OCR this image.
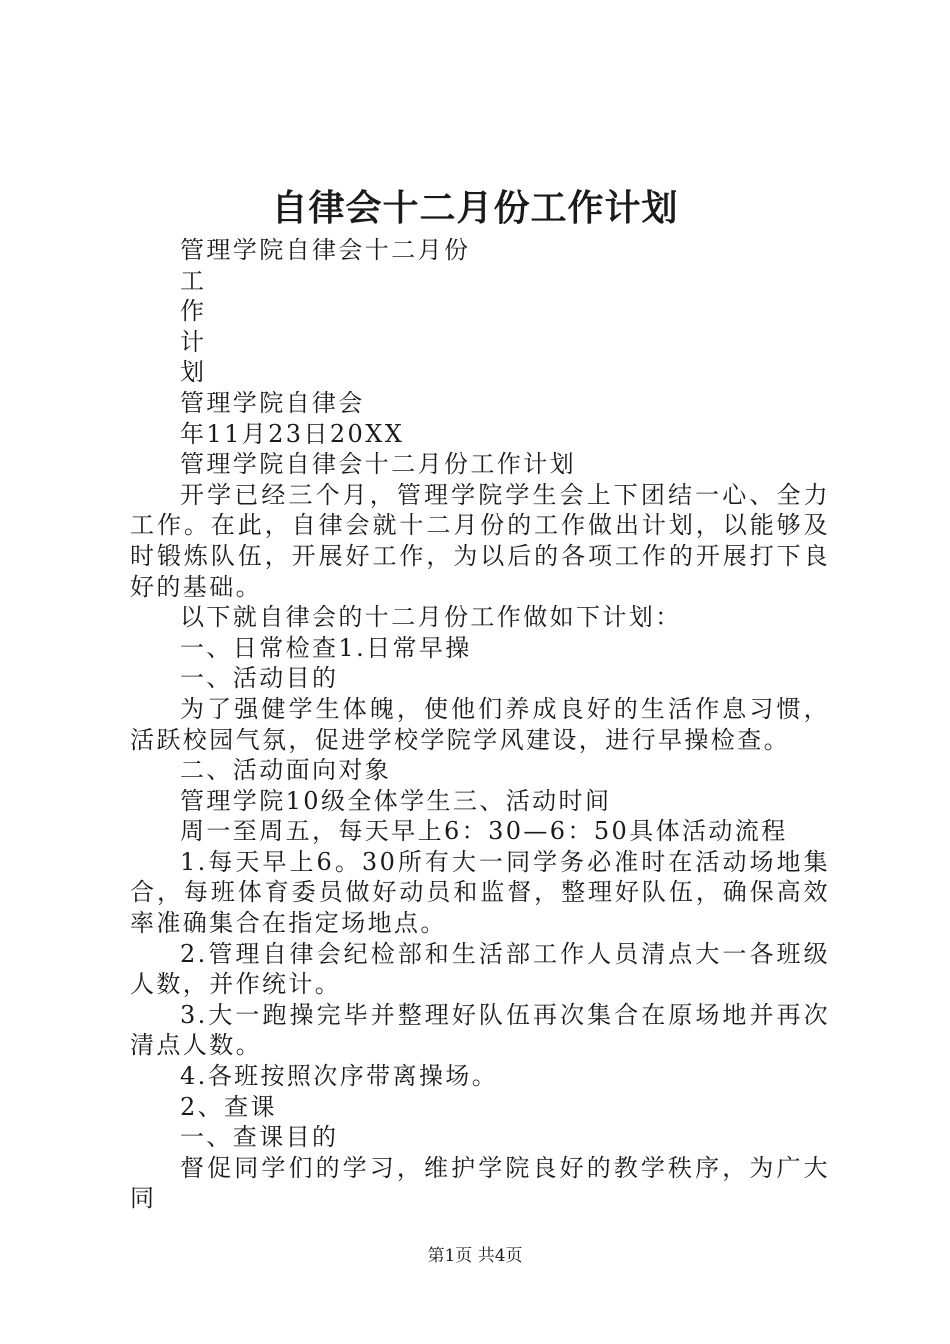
自律会十二月份工作计划

管理学院自律会十二月份

工

作

计

划

管理学院自律会

年11月23日20XX

管理学院自律会十二月份工作计划

开学已经三个月，管理学院学生会上下团结一心、全力工作。在此，自律会就十二月份的工作做出计划，以能够及时锻炼队伍，开展好工作，为以后的各项工作的开展打下良好的基础。

以下就自律会的十二月份工作做如下计划：

一、日常检查1.日常早操

一、活动目的

为了强健学生体魄，使他们养成良好的生活作息习惯，活跃校园气氛，促进学校学院学风建设，进行早操检查。

二、活动面向对象

管理学院10级全体学生三、活动时间

周一至周五，每天早上6：30—6：50具体活动流程

1.每天早上6。30所有大一同学务必准时在活动场地集合，每班体育委员做好动员和监督，整理好队伍，确保高效率准确集合在指定场地点。

2.管理自律会纪检部和生活部工作人员清点大一各班级人数，并作统计。

3.大一跑操完毕并整理好队伍再次集合在原场地并再次清点人数。

4.各班按照次序带离操场。

2、查课

一、查课目的

督促同学们的学习，维护学院良好的教学秩序，为广大同

第1页 共4页
